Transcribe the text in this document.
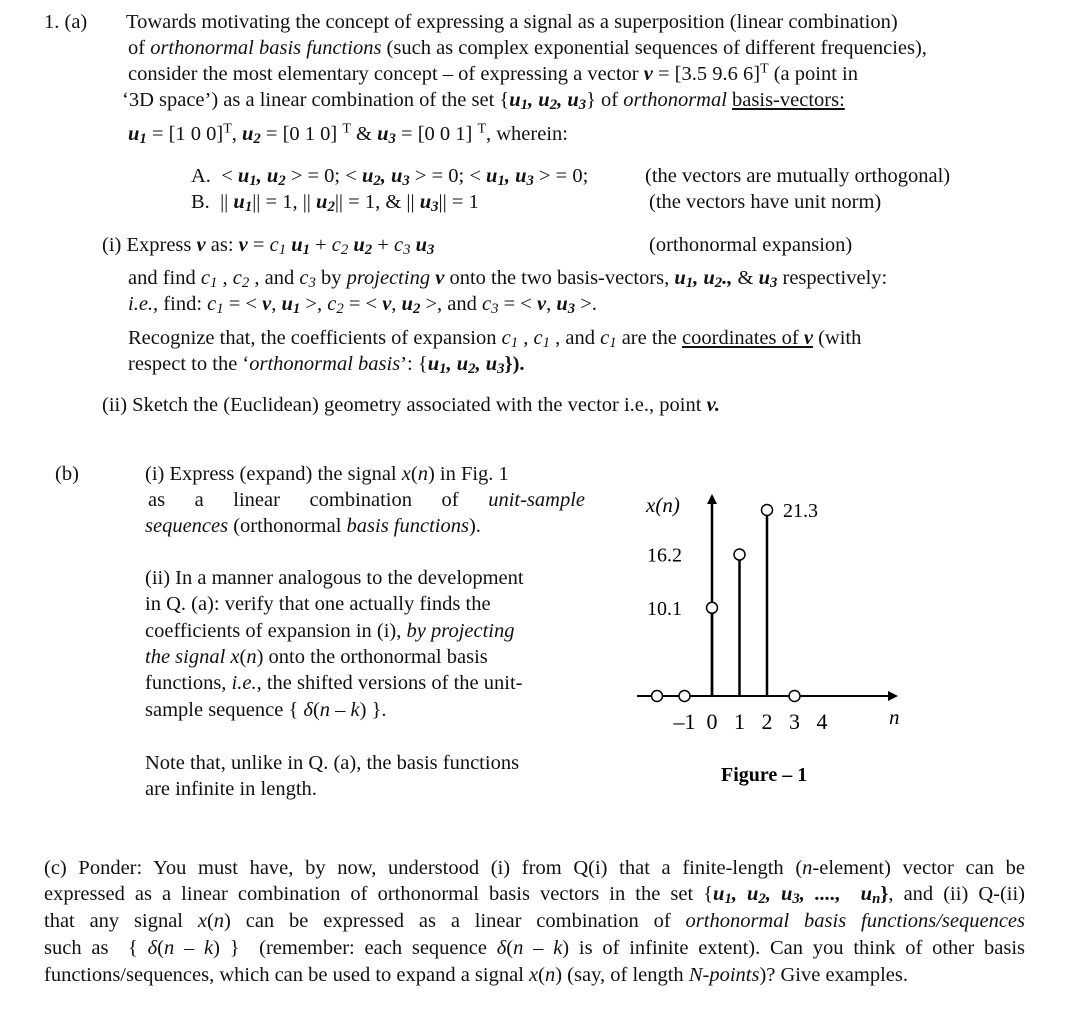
1. (a) Towards motivating the concept of expressing a signal as a superposition (linear combination)
of orthonormal basis functions (such as complex exponential sequences of different frequencies),
consider the most elementary concept – of expressing a vector v = [3.5 9.6 6]$^T$ (a point in
‘3D space’) as a linear combination of the set {$u_1$, $u_2$, $u_3$} of orthonormal basis-vectors:
$u_1 = [1$ 0 0]$^T$, $u_2 = [0$ 1 0] $^T$ & $u_3 = [0$ 0 1] $^T$, wherein:
A.  < $u_1$, $u_2$ > = 0; < $u_2$, $u_3$ > = 0; < $u_1$, $u_3$ > = 0;	(the vectors are mutually orthogonal)
B.  || $u_1|| = 1$, || $u_2|| = 1$, & || $u_3|| = 1$	(the vectors have unit norm)
(i) Express v as: $v = c_1$ $u_1 + c_2$ $u_2 + c_3$ $u_3$	(orthonormal expansion)
and find $c_1$ , $c_2$ , and $c_3$ by projecting v onto the two basis-vectors, $u_1$, $u_2$., & $u_3$ respectively:
i.e., find: $c_1$ = < v, $u_1$ >, $c_2$ = < v, $u_2$ >, and $c_3$ = < v, $u_3$ >.
Recognize that, the coefficients of expansion $c_1$ , $c_1$ , and $c_1$ are the coordinates of v (with
respect to the ‘orthonormal basis’: {$u_1$, $u_2$, $u_3$}).
(ii) Sketch the (Euclidean) geometry associated with the vector i.e., point v.
(b)	(i) Express (expand) the signal x(n) in Fig. 1
as a linear combination of unit-sample
sequences (orthonormal basis functions).
(ii) In a manner analogous to the development
in Q. (a): verify that one actually finds the
coefficients of expansion in (i), by projecting
the signal x(n) onto the orthonormal basis
functions, i.e., the shifted versions of the unit-
sample sequence { δ(n – k) }.
Note that, unlike in Q. (a), the basis functions
are infinite in length.
10.1
16.2
21.3
–1 0 1 2 3 4
x(n)
n
Figure – 1
(c) Ponder: You must have, by now, understood (i) from Q(i) that a finite-length (n-element) vector can be
expressed as a linear combination of orthonormal basis vectors in the set {$u_1$, $u_2$, $u_3$, ....,  $u_n$}, and (ii) Q-(ii)
that any signal x(n) can be expressed as a linear combination of orthonormal basis functions/sequences
such as  { δ(n – k) }  (remember: each sequence δ(n – k) is of infinite extent). Can you think of other basis
functions/sequences, which can be used to expand a signal x(n) (say, of length N-points)? Give examples.
